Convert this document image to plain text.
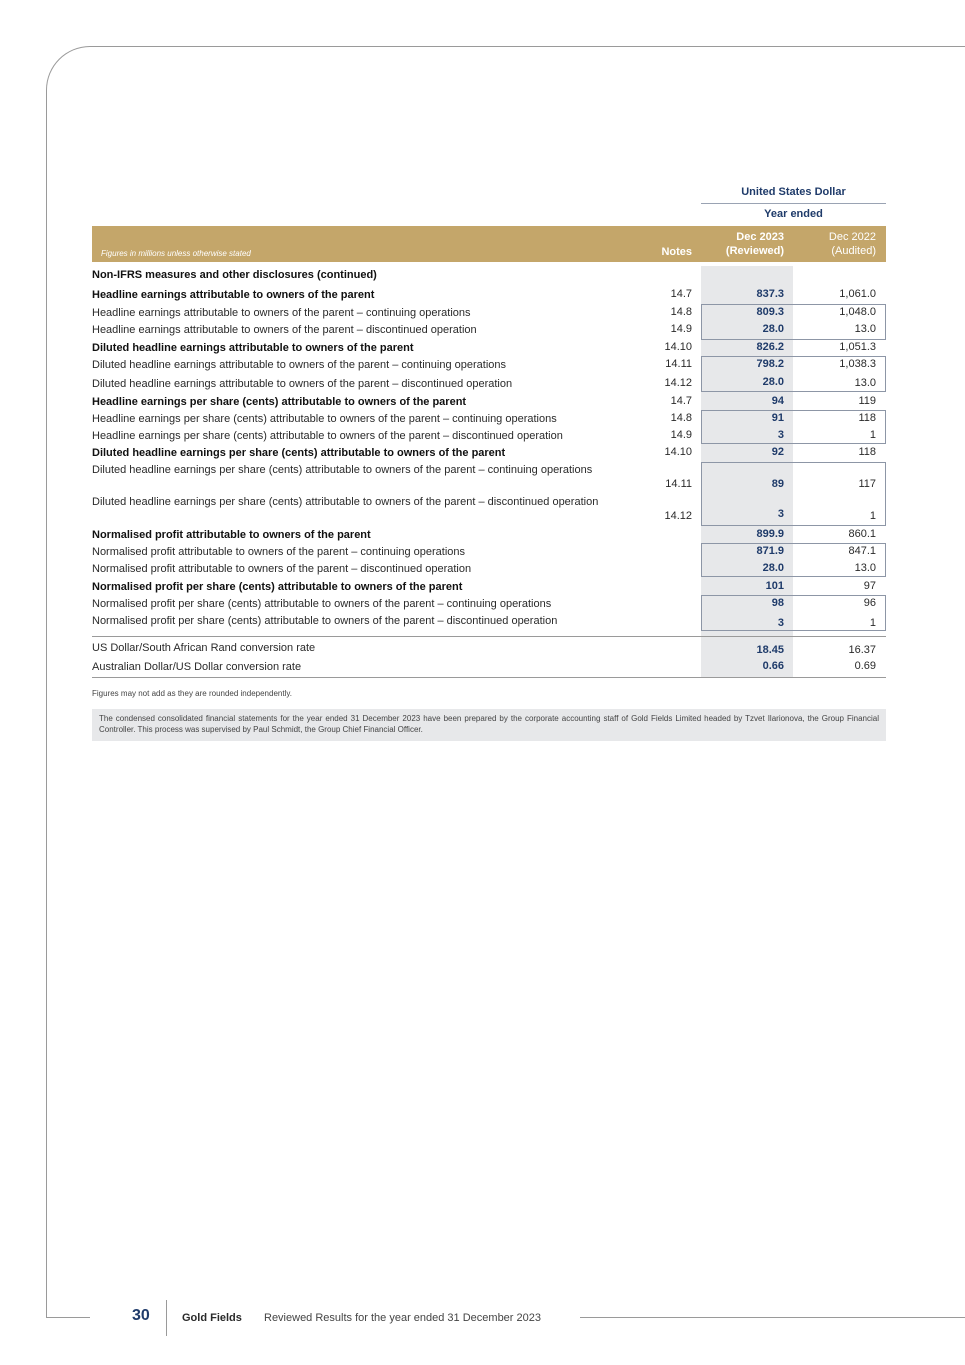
United States Dollar
Year ended
Figures in millions unless otherwise stated	Notes
Dec 2023
(Reviewed)
Dec 2022
(Audited)
Non-IFRS measures and other disclosures (continued)
Headline earnings attributable to owners of the parent	14.7	837.3	1,061.0
Headline earnings attributable to owners of the parent – continuing operations	14.8	809.3	1,048.0
Headline earnings attributable to owners of the parent – discontinued operation	14.9	28.0	13.0
Diluted headline earnings attributable to owners of the parent	14.10	826.2	1,051.3
Diluted headline earnings attributable to owners of the parent – continuing operations	14.11	798.2	1,038.3
Diluted headline earnings attributable to owners of the parent – discontinued operation	14.12	28.0	13.0
Headline earnings per share (cents) attributable to owners of the parent	14.7	94	119
Headline earnings per share (cents) attributable to owners of the parent – continuing operations	14.8	91	118
Headline earnings per share (cents) attributable to owners of the parent – discontinued operation	14.9	3	1
Diluted headline earnings per share (cents) attributable to owners of the parent	14.10	92	118
Diluted headline earnings per share (cents) attributable to owners of the parent – continuing operations
14.11	89	117
Diluted headline earnings per share (cents) attributable to owners of the parent – discontinued operation
14.12	3	1
Normalised profit attributable to owners of the parent	899.9	860.1
Normalised profit attributable to owners of the parent – continuing operations	871.9	847.1
Normalised profit attributable to owners of the parent – discontinued operation	28.0	13.0
Normalised profit per share (cents) attributable to owners of the parent	101	97
Normalised profit per share (cents) attributable to owners of the parent – continuing operations	98	96
Normalised profit per share (cents) attributable to owners of the parent – discontinued operation	3	1
US Dollar/South African Rand conversion rate	18.45	16.37
Australian Dollar/US Dollar conversion rate	0.66	0.69
Figures may not add as they are rounded independently.
The condensed consolidated financial statements for the year ended 31 December 2023 have been prepared by the corporate accounting staff of Gold Fields Limited headed by Tzvet Ilarionova, the Group Financial Controller. This process was supervised by Paul Schmidt, the Group Chief Financial Officer.
30	Gold Fields Reviewed Results for the year ended 31 December 2023
